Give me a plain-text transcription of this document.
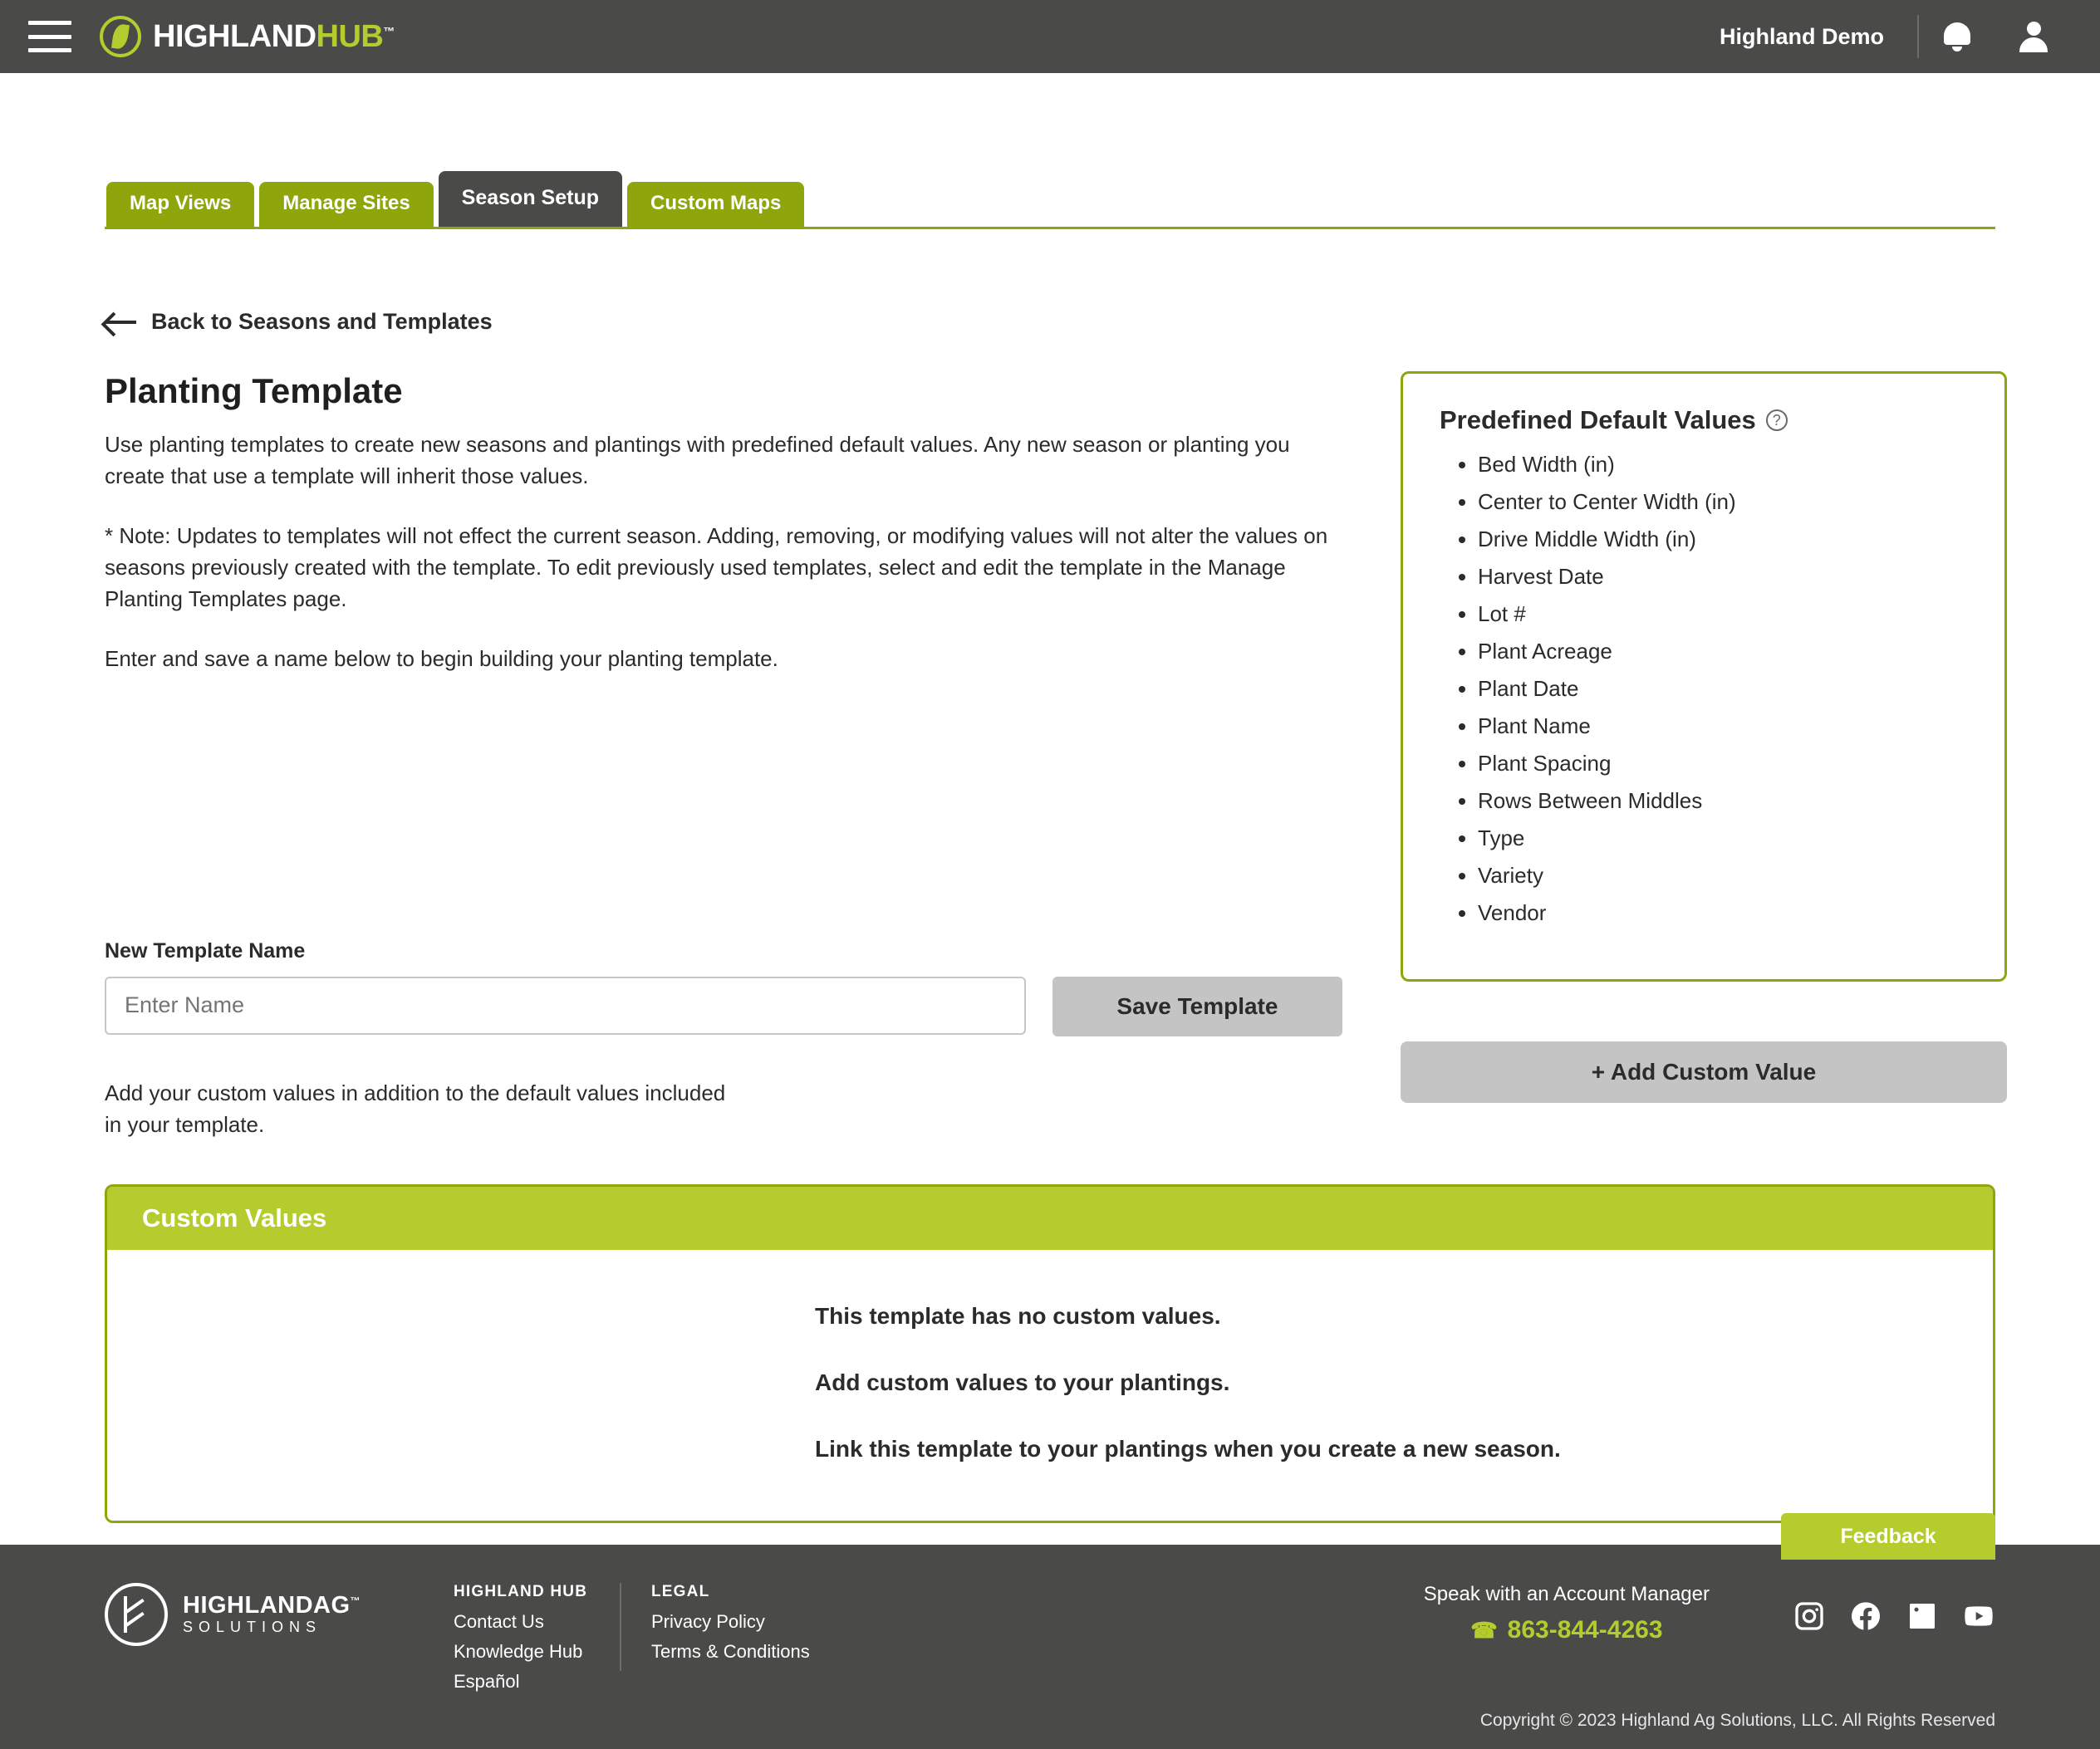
HIGHLANDHUB™	Highland Demo
Map Views	Manage Sites	Season Setup	Custom Maps
Back to Seasons and Templates
Planting Template

Use planting templates to create new seasons and plantings with predefined default values. Any new season or planting you create that use a template will inherit those values.

* Note: Updates to templates will not effect the current season. Adding, removing, or modifying values will not alter the values on seasons previously created with the template. To edit previously used templates, select and edit the template in the Manage Planting Templates page.

Enter and save a name below to begin building your planting template.

New Template Name
Enter Name
Save Template

Add your custom values in addition to the default values included in your template.

Predefined Default Values	?
• Bed Width (in)
• Center to Center Width (in)
• Drive Middle Width (in)
• Harvest Date
• Lot #
• Plant Acreage
• Plant Date
• Plant Name
• Plant Spacing
• Rows Between Middles
• Type
• Variety
• Vendor
+ Add Custom Value
Custom Values

This template has no custom values.

Add custom values to your plantings.

Link this template to your plantings when you create a new season.

Feedback
HIGHLANDAG™
SOLUTIONS
HIGHLAND HUB
Contact Us
Knowledge Hub
Español
LEGAL
Privacy Policy
Terms & Conditions
Speak with an Account Manager
☎ 863-844-4263
Copyright © 2023 Highland Ag Solutions, LLC. All Rights Reserved
